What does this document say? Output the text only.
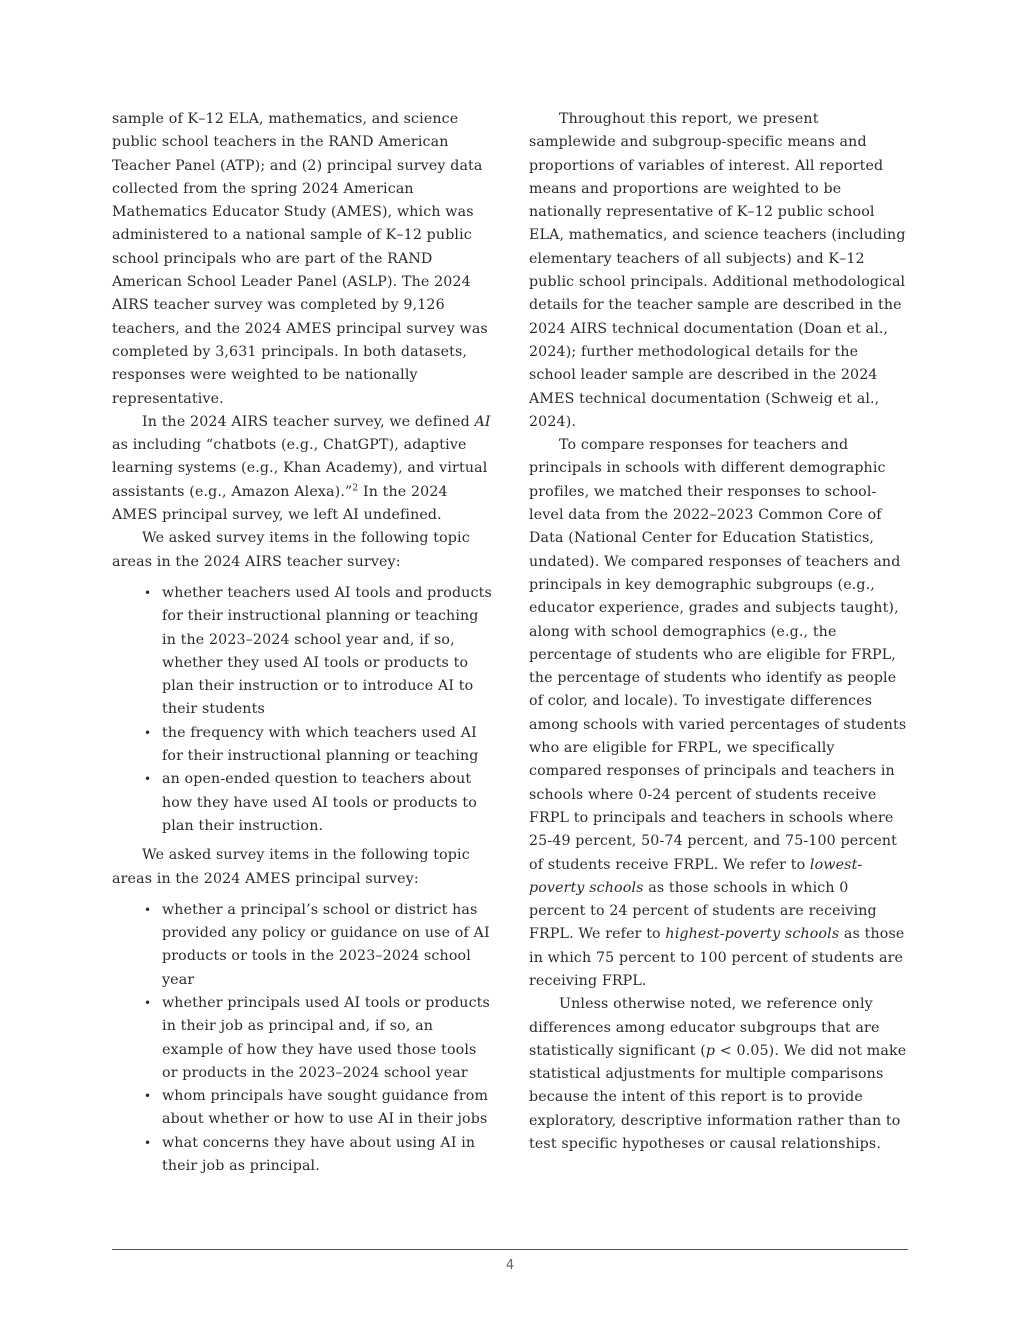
sample of K–12 ELA, mathematics, and science public school teachers in the RAND American Teacher Panel (ATP); and (2) principal survey data collected from the spring 2024 American Mathematics Educator Study (AMES), which was administered to a national sample of K–12 public school principals who are part of the RAND American School Leader Panel (ASLP). The 2024 AIRS teacher survey was completed by 9,126 teachers, and the 2024 AMES principal survey was completed by 3,631 principals. In both datasets, responses were weighted to be nationally representative.

In the 2024 AIRS teacher survey, we defined AI as including “chatbots (e.g., ChatGPT), adaptive learning systems (e.g., Khan Academy), and virtual assistants (e.g., Amazon Alexa).”$^2$ In the 2024 AMES principal survey, we left AI undefined.

We asked survey items in the following topic areas in the 2024 AIRS teacher survey:

• whether teachers used AI tools and products for their instructional planning or teaching in the 2023–2024 school year and, if so, whether they used AI tools or products to plan their instruction or to introduce AI to their students
• the frequency with which teachers used AI for their instructional planning or teaching
• an open-ended question to teachers about how they have used AI tools or products to plan their instruction.

We asked survey items in the following topic areas in the 2024 AMES principal survey:

• whether a principal’s school or district has provided any policy or guidance on use of AI products or tools in the 2023–2024 school year
• whether principals used AI tools or products in their job as principal and, if so, an example of how they have used those tools or products in the 2023–2024 school year
• whom principals have sought guidance from about whether or how to use AI in their jobs
• what concerns they have about using AI in their job as principal.

Throughout this report, we present samplewide and subgroup-specific means and proportions of variables of interest. All reported means and proportions are weighted to be nationally representative of K–12 public school ELA, mathematics, and science teachers (including elementary teachers of all subjects) and K–12 public school principals. Additional methodological details for the teacher sample are described in the 2024 AIRS technical documentation (Doan et al., 2024); further methodological details for the school leader sample are described in the 2024 AMES technical documentation (Schweig et al., 2024).

To compare responses for teachers and principals in schools with different demographic profiles, we matched their responses to school-level data from the 2022–2023 Common Core of Data (National Center for Education Statistics, undated). We compared responses of teachers and principals in key demographic subgroups (e.g., educator experience, grades and subjects taught), along with school demographics (e.g., the percentage of students who are eligible for FRPL, the percentage of students who identify as people of color, and locale). To investigate differences among schools with varied percentages of students who are eligible for FRPL, we specifically compared responses of principals and teachers in schools where 0-24 percent of students receive FRPL to principals and teachers in schools where 25-49 percent, 50-74 percent, and 75-100 percent of students receive FRPL. We refer to lowest-poverty schools as those schools in which 0 percent to 24 percent of students are receiving FRPL. We refer to highest-poverty schools as those in which 75 percent to 100 percent of students are receiving FRPL.

Unless otherwise noted, we reference only differences among educator subgroups that are statistically significant (p < 0.05). We did not make statistical adjustments for multiple comparisons because the intent of this report is to provide exploratory, descriptive information rather than to test specific hypotheses or causal relationships.

4
